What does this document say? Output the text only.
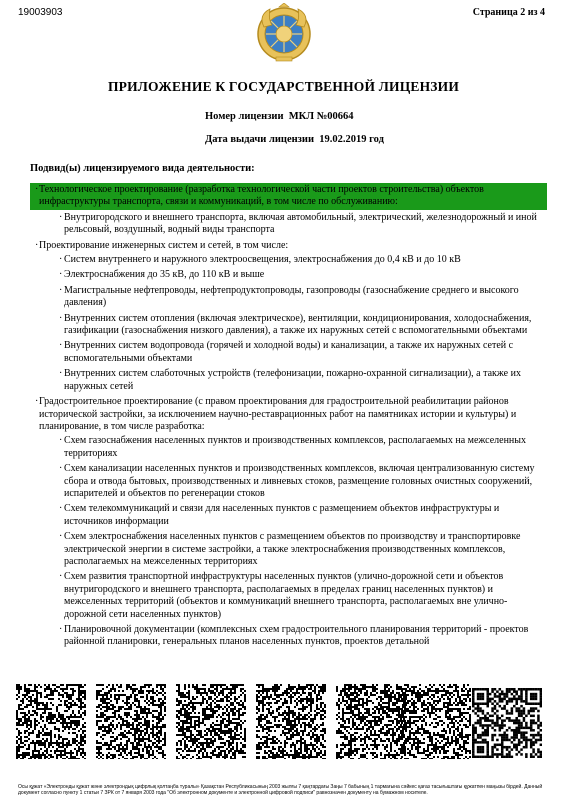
19003903	Страница 2 из 4
ПРИЛОЖЕНИЕ К ГОСУДАРСТВЕННОЙ ЛИЦЕНЗИИ
Номер лицензии МКЛ №00664
Дата выдачи лицензии 19.02.2019 год
Подвид(ы) лицензируемого вида деятельности:
· Технологическое проектирование (разработка технологической части проектов строительства) объектов инфраструктуры транспорта, связи и коммуникаций, в том числе по обслуживанию:
· Внутригородского и внешнего транспорта, включая автомобильный, электрический, железнодорожный и иной рельсовый, воздушный, водный виды транспорта
· Проектирование инженерных систем и сетей, в том числе:
· Систем внутреннего и наружного электроосвещения, электроснабжения до 0,4 кВ и до 10 кВ
· Электроснабжения до 35 кВ, до 110 кВ и выше
· Магистральные нефтепроводы, нефтепродуктопроводы, газопроводы (газоснабжение среднего и высокого давления)
· Внутренних систем отопления (включая электрическое), вентиляции, кондиционирования, холодоснабжения, газификации (газоснабжения низкого давления), а также их наружных сетей с вспомогательными объектами
· Внутренних систем водопровода (горячей и холодной воды) и канализации, а также их наружных сетей с вспомогательными объектами
· Внутренних систем слаботочных устройств (телефонизации, пожарно-охранной сигнализации), а также их наружных сетей
· Градостроительное проектирование (с правом проектирования для градостроительной реабилитации районов исторической застройки, за исключением научно-реставрационных работ на памятниках истории и культуры) и планирование, в том числе разработка:
· Схем газоснабжения населенных пунктов и производственных комплексов, располагаемых на межселенных территориях
· Схем канализации населенных пунктов и производственных комплексов, включая централизованную систему сбора и отвода бытовых, производственных и ливневых стоков, размещение головных очистных сооружений, испарителей и объектов по регенерации стоков
· Схем телекоммуникаций и связи для населенных пунктов с размещением объектов инфраструктуры и источников информации
· Схем электроснабжения населенных пунктов с размещением объектов по производству и транспортировке электрической энергии в системе застройки, а также электроснабжения производственных комплексов, располагаемых на межселенных территориях
· Схем развития транспортной инфраструктуры населенных пунктов (улично-дорожной сети и объектов внутригородского и внешнего транспорта, располагаемых в пределах границ населенных пунктов) и межселенных территорий (объектов и коммуникаций внешнего транспорта, располагаемых вне улично-дорожной сети населенных пунктов)
· Планировочной документации (комплексных схем градостроительного планирования территорий - проектов районной планировки, генеральных планов населенных пунктов, проектов детальной
Осы құжат «Электронды құжат және электрондық цифрлық қолтаңба туралы» Қазақстан Республикасының 2003 жылғы 7 қаңтардағы Заңы 7 бабының 1 тармағына сәйкес қағаз тасығыштағы құжатпен маңызы бірдей. Данный документ согласно пункту 1 статьи 7 ЗРК от 7 января 2003 года "Об электронном документе и электронной цифровой подписи" равнозначен документу на бумажном носителе.
